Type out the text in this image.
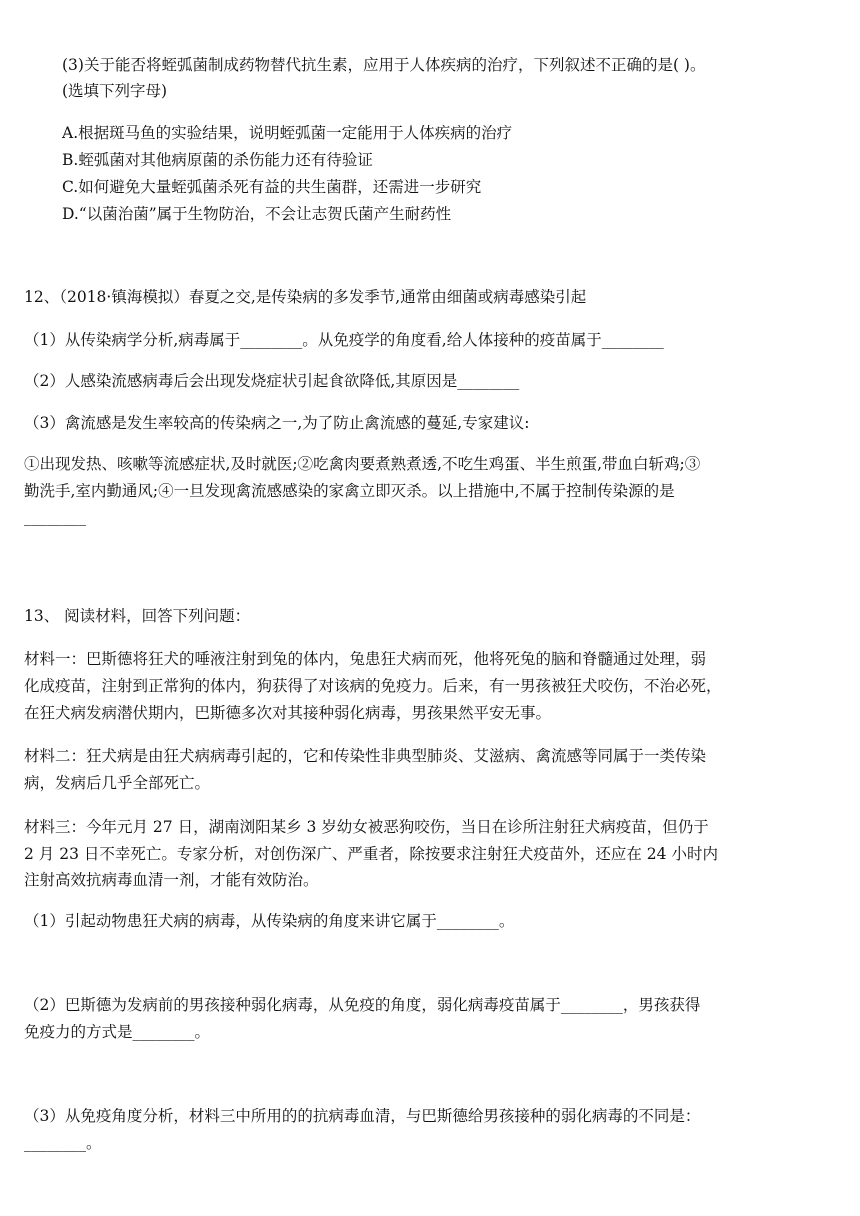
(3)关于能否将蛭弧菌制成药物替代抗生素，应用于人体疾病的治疗，下列叙述不正确的是( )。
(选填下列字母)
A.根据斑马鱼的实验结果，说明蛭弧菌一定能用于人体疾病的治疗
B.蛭弧菌对其他病原菌的杀伤能力还有待验证
C.如何避免大量蛭弧菌杀死有益的共生菌群，还需进一步研究
D.“以菌治菌”属于生物防治，不会让志贺氏菌产生耐药性
12、（2018·镇海模拟）春夏之交,是传染病的多发季节,通常由细菌或病毒感染引起
（1）从传染病学分析,病毒属于________。从免疫学的角度看,给人体接种的疫苗属于________
（2）人感染流感病毒后会出现发烧症状引起食欲降低,其原因是________
（3）禽流感是发生率较高的传染病之一,为了防止禽流感的蔓延,专家建议:
①出现发热、咳嗽等流感症状,及时就医;②吃禽肉要煮熟煮透,不吃生鸡蛋、半生煎蛋,带血白斩鸡;③
勤洗手,室内勤通风;④一旦发现禽流感感染的家禽立即灭杀。以上措施中,不属于控制传染源的是
________
13、 阅读材料，回答下列问题：
材料一：巴斯德将狂犬的唾液注射到兔的体内，兔患狂犬病而死，他将死兔的脑和脊髓通过处理，弱
化成疫苗，注射到正常狗的体内，狗获得了对该病的免疫力。后来，有一男孩被狂犬咬伤，不治必死，
在狂犬病发病潜伏期内，巴斯德多次对其接种弱化病毒，男孩果然平安无事。
材料二：狂犬病是由狂犬病病毒引起的，它和传染性非典型肺炎、艾滋病、禽流感等同属于一类传染
病，发病后几乎全部死亡。
材料三：今年元月 27 日，湖南浏阳某乡 3 岁幼女被恶狗咬伤，当日在诊所注射狂犬病疫苗，但仍于
2 月 23 日不幸死亡。专家分析，对创伤深广、严重者，除按要求注射狂犬疫苗外，还应在 24 小时内
注射高效抗病毒血清一剂，才能有效防治。
（1）引起动物患狂犬病的病毒，从传染病的角度来讲它属于________。
（2）巴斯德为发病前的男孩接种弱化病毒，从免疫的角度，弱化病毒疫苗属于________，男孩获得
免疫力的方式是________。
（3）从免疫角度分析，材料三中所用的的抗病毒血清，与巴斯德给男孩接种的弱化病毒的不同是：
________。
